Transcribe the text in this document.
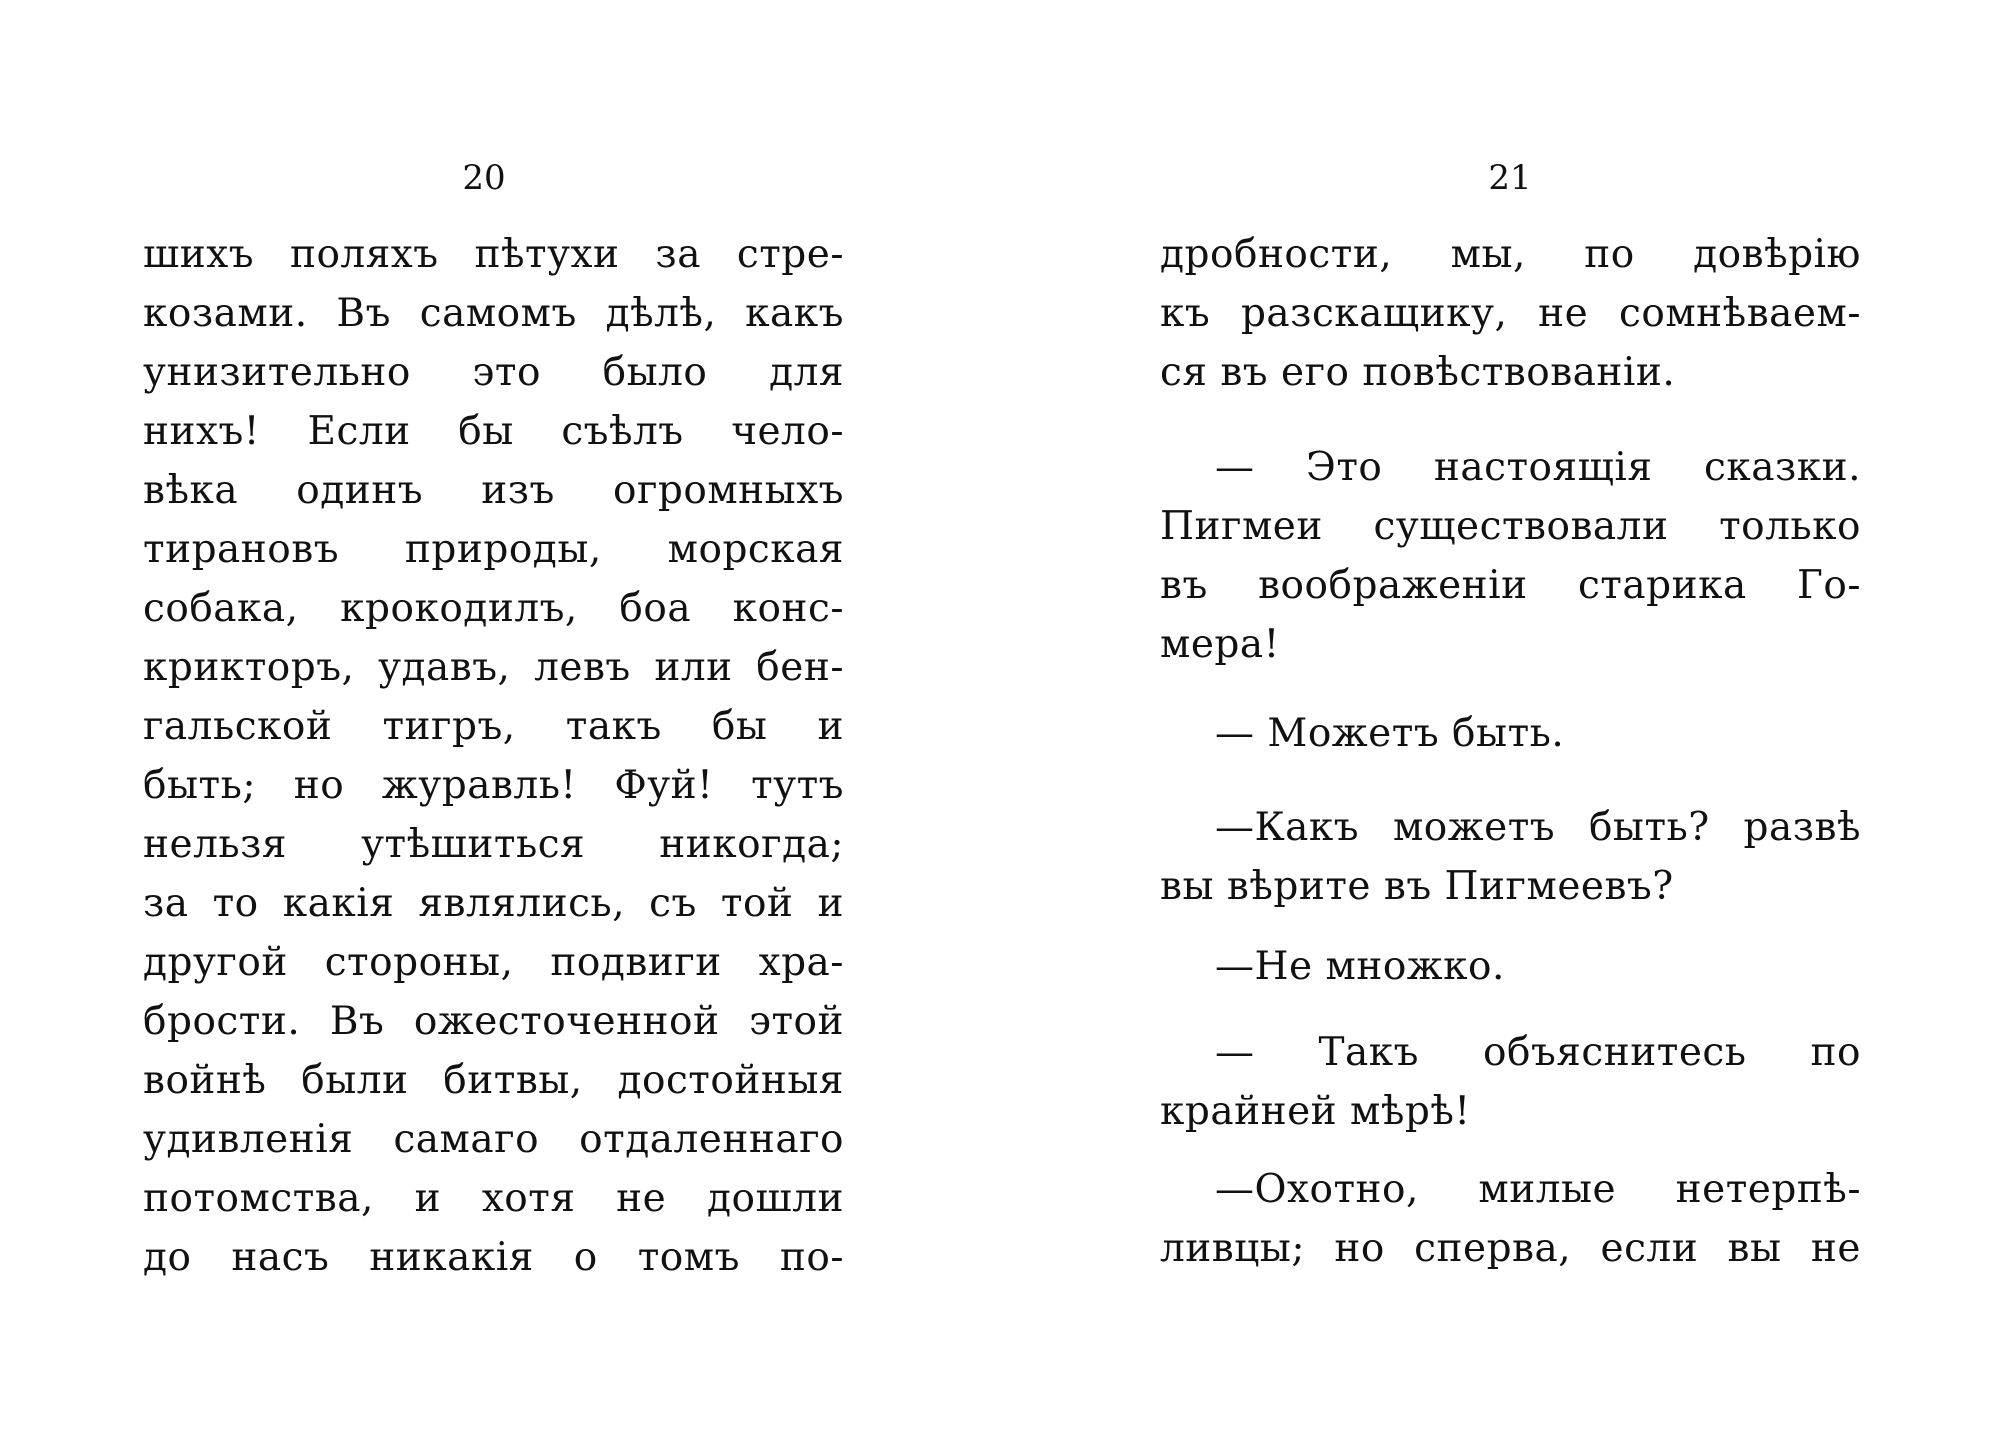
20
шихъ поляхъ пѣтухи за стре-
козами. Въ самомъ дѣлѣ, какъ
унизительно это было для
нихъ! Если бы съѣлъ чело-
вѣка одинъ изъ огромныхъ
тирановъ природы, морская
собака, крокодилъ, боа конс-
крикторъ, удавъ, левъ или бен-
гальской тигръ, такъ бы и
быть; но журавль! Фуй! тутъ
нельзя утѣшиться никогда;
за то какія являлись, съ той и
другой стороны, подвиги хра-
брости. Въ ожесточенной этой
войнѣ были битвы, достойныя
удивленія самаго отдаленнаго
потомства, и хотя не дошли
до насъ никакія о томъ по-
21
дробности, мы, по довѣрію
къ разскащику, не сомнѣваем-
ся въ его повѣствованіи.
— Это настоящія сказки.
Пигмеи существовали только
въ воображеніи старика Го-
мера!
— Можетъ быть.
—Какъ можетъ быть? развѣ
вы вѣрите въ Пигмеевъ?
—Не множко.
— Такъ объяснитесь по
крайней мѣрѣ!
—Охотно, милые нетерпѣ-
ливцы; но сперва, если вы не
